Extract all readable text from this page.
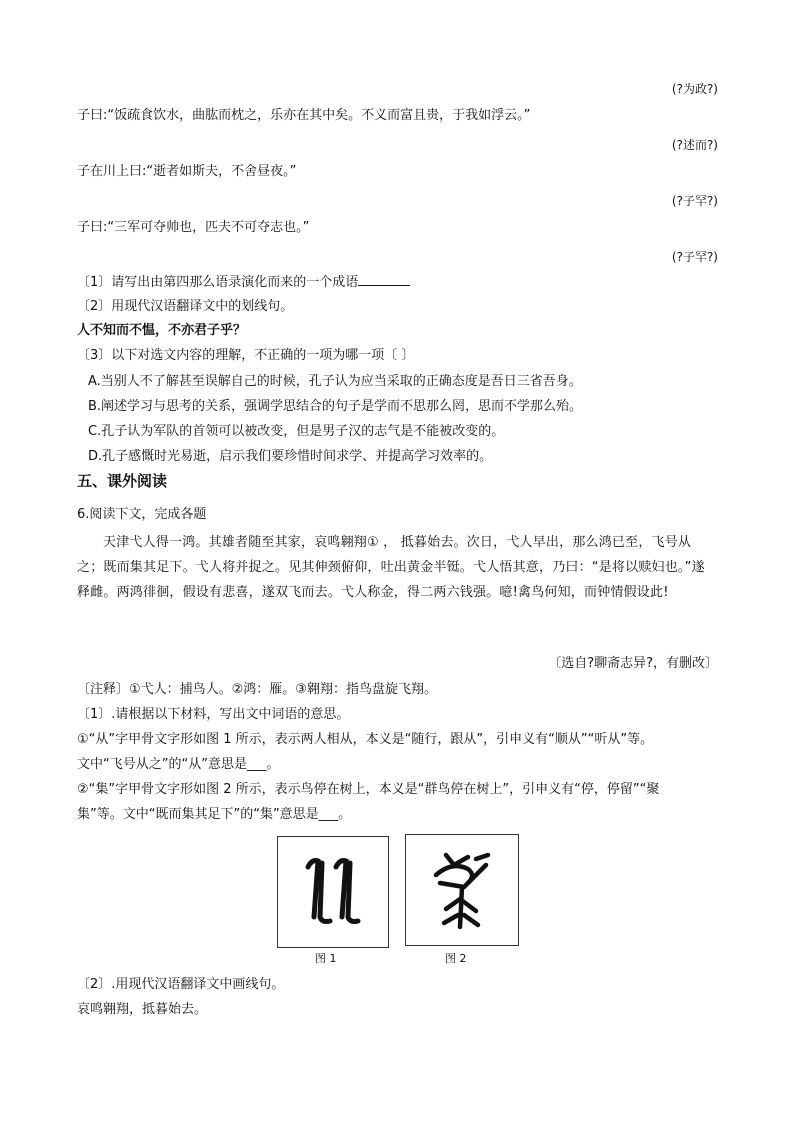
(?为政?)
子曰:“饭疏食饮水，曲肱而枕之，乐亦在其中矣。不义而富且贵，于我如浮云。”
(?述而?)
子在川上曰:“逝者如斯夫，不舍昼夜。”
(?子罕?)
子曰:“三军可夺帅也，匹夫不可夺志也。”
(?子罕?)
〔1〕请写出由第四那么语录演化而来的一个成语
〔2〕用现代汉语翻译文中的划线句。
人不知而不愠，不亦君子乎？
〔3〕以下对选文内容的理解，不正确的一项为哪一项〔 〕
A.当别人不了解甚至误解自己的时候，孔子认为应当采取的正确态度是吾日三省吾身。
B.阐述学习与思考的关系，强调学思结合的句子是学而不思那么罔，思而不学那么殆。
C.孔子认为军队的首领可以被改变，但是男子汉的志气是不能被改变的。
D.孔子感慨时光易逝，启示我们要珍惜时间求学、并提高学习效率的。
五、课外阅读
6.阅读下文，完成各题
天津弋人得一鸿。其雄者随至其家，哀鸣翱翔① ， 抵暮始去。次日，弋人早出，那么鸿已至，飞号从之；既而集其足下。弋人将并捉之。见其伸颈俯仰，吐出黄金半铤。弋人悟其意，乃曰：“是将以赎妇也。”遂释雌。两鸿徘徊，假设有悲喜，遂双飞而去。弋人称金，得二两六钱强。噫!禽鸟何知，而钟情假设此!
〔选自?聊斋志异?，有删改〕
〔注释〕①弋人：捕鸟人。②鸿：雁。③翱翔：指鸟盘旋飞翔。
〔1〕.请根据以下材料，写出文中词语的意思。
①“从”字甲骨文字形如图 1 所示，表示两人相从，本义是“随行，跟从”，引申义有“顺从”“听从”等。
文中“飞号从之”的“从”意思是___。
②“集”字甲骨文字形如图 2 所示，表示鸟停在树上，本义是“群鸟停在树上”，引申义有“停，停留”“聚
集”等。文中“既而集其足下”的“集”意思是___。
图 1	图 2
〔2〕.用现代汉语翻译文中画线句。
哀鸣翱翔，抵暮始去。
